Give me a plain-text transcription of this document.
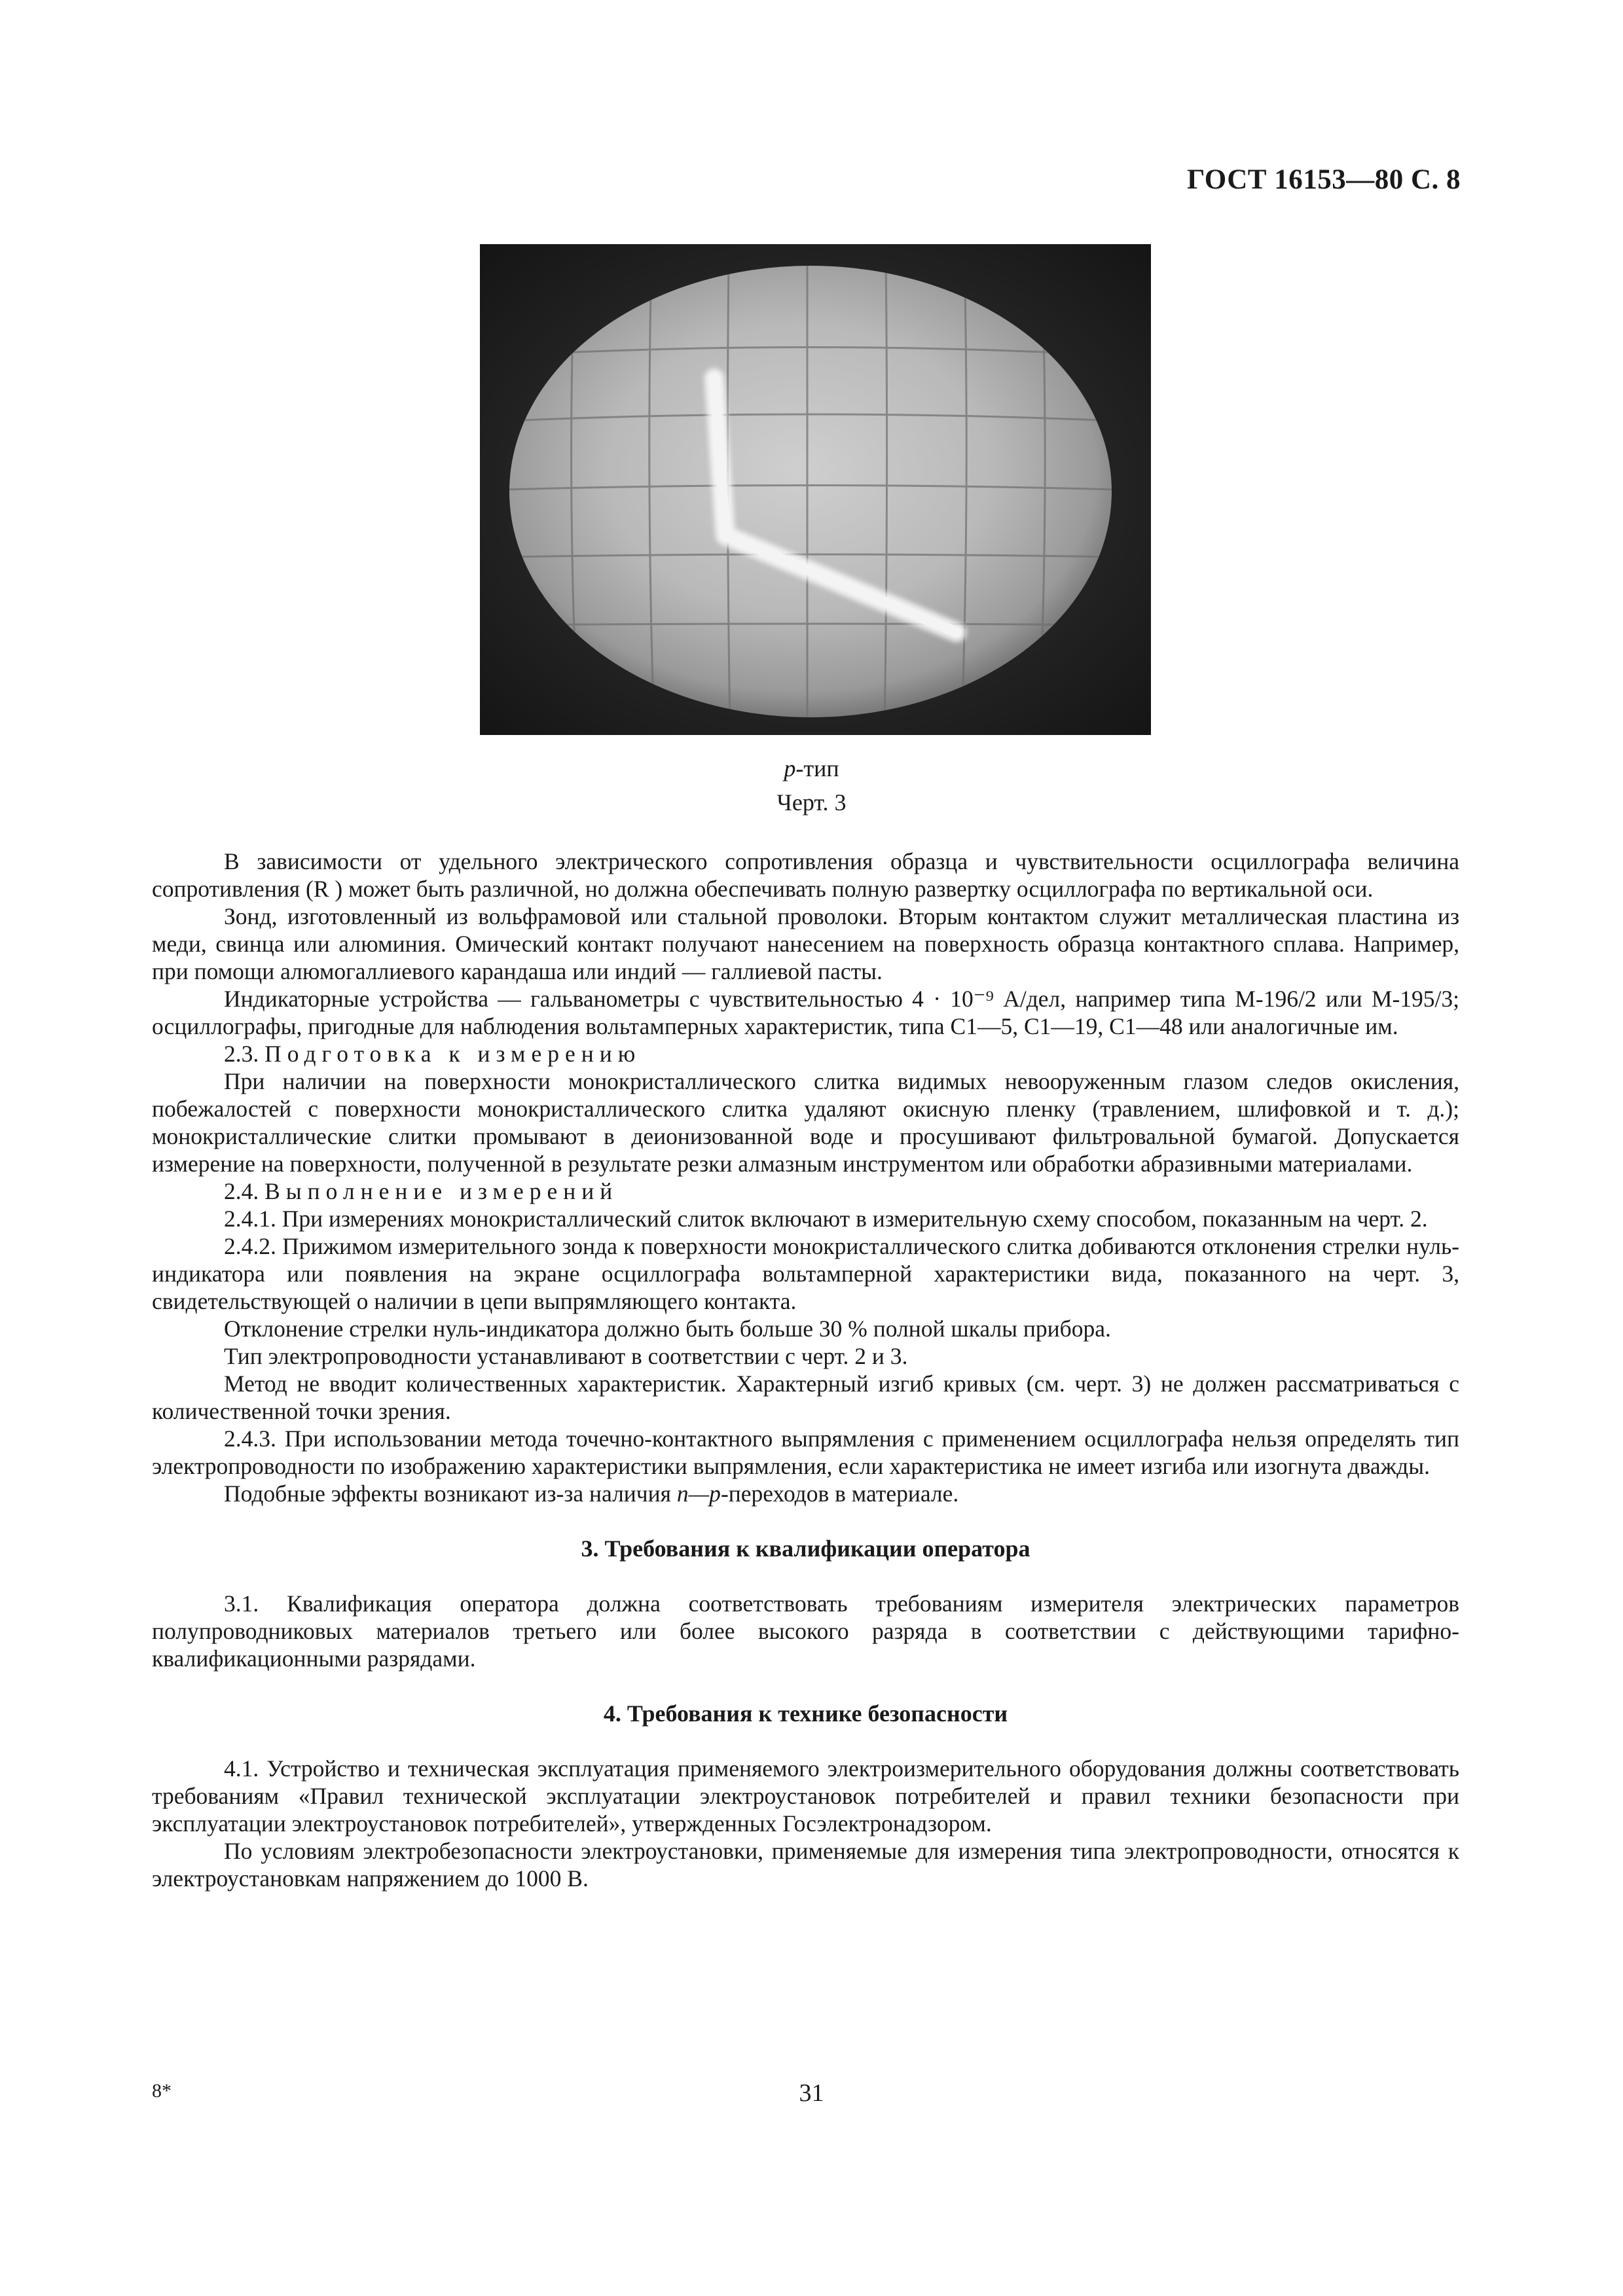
ГОСТ 16153—80 С. 8
p-тип
Черт. 3

В зависимости от удельного электрического сопротивления образца и чувствительности осциллографа величина сопротивления (R ) может быть различной, но должна обеспечивать полную развертку осциллографа по вертикальной оси.

Зонд, изготовленный из вольфрамовой или стальной проволоки. Вторым контактом служит металлическая пластина из меди, свинца или алюминия. Омический контакт получают нанесением на поверхность образца контактного сплава. Например, при помощи алюмогаллиевого карандаша или индий — галлиевой пасты.

Индикаторные устройства — гальванометры с чувствительностью 4 · 10⁻⁹ А/дел, например типа М-196/2 или М-195/3; осциллографы, пригодные для наблюдения вольтамперных характеристик, типа С1—5, С1—19, С1—48 или аналогичные им.

2.3. Подготовка к измерению

При наличии на поверхности монокристаллического слитка видимых невооруженным глазом следов окисления, побежалостей с поверхности монокристаллического слитка удаляют окисную пленку (травлением, шлифовкой и т. д.); монокристаллические слитки промывают в деионизованной воде и просушивают фильтровальной бумагой. Допускается измерение на поверхности, полученной в результате резки алмазным инструментом или обработки абразивными материалами.

2.4. Выполнение измерений

2.4.1. При измерениях монокристаллический слиток включают в измерительную схему способом, показанным на черт. 2.

2.4.2. Прижимом измерительного зонда к поверхности монокристаллического слитка добиваются отклонения стрелки нуль-индикатора или появления на экране осциллографа вольтамперной характеристики вида, показанного на черт. 3, свидетельствующей о наличии в цепи выпрямляющего контакта.

Отклонение стрелки нуль-индикатора должно быть больше 30 % полной шкалы прибора.

Тип электропроводности устанавливают в соответствии с черт. 2 и 3.

Метод не вводит количественных характеристик. Характерный изгиб кривых (см. черт. 3) не должен рассматриваться с количественной точки зрения.

2.4.3. При использовании метода точечно-контактного выпрямления с применением осциллографа нельзя определять тип электропроводности по изображению характеристики выпрямления, если характеристика не имеет изгиба или изогнута дважды.

Подобные эффекты возникают из-за наличия n—p-переходов в материале.

3. Требования к квалификации оператора

3.1. Квалификация оператора должна соответствовать требованиям измерителя электрических параметров полупроводниковых материалов третьего или более высокого разряда в соответствии с действующими тарифно-квалификационными разрядами.

4. Требования к технике безопасности

4.1. Устройство и техническая эксплуатация применяемого электроизмерительного оборудования должны соответствовать требованиям «Правил технической эксплуатации электроустановок потребителей и правил техники безопасности при эксплуатации электроустановок потребителей», утвержденных Госэлектронадзором.

По условиям электробезопасности электроустановки, применяемые для измерения типа электропроводности, относятся к электроустановкам напряжением до 1000 В.

8*	31
